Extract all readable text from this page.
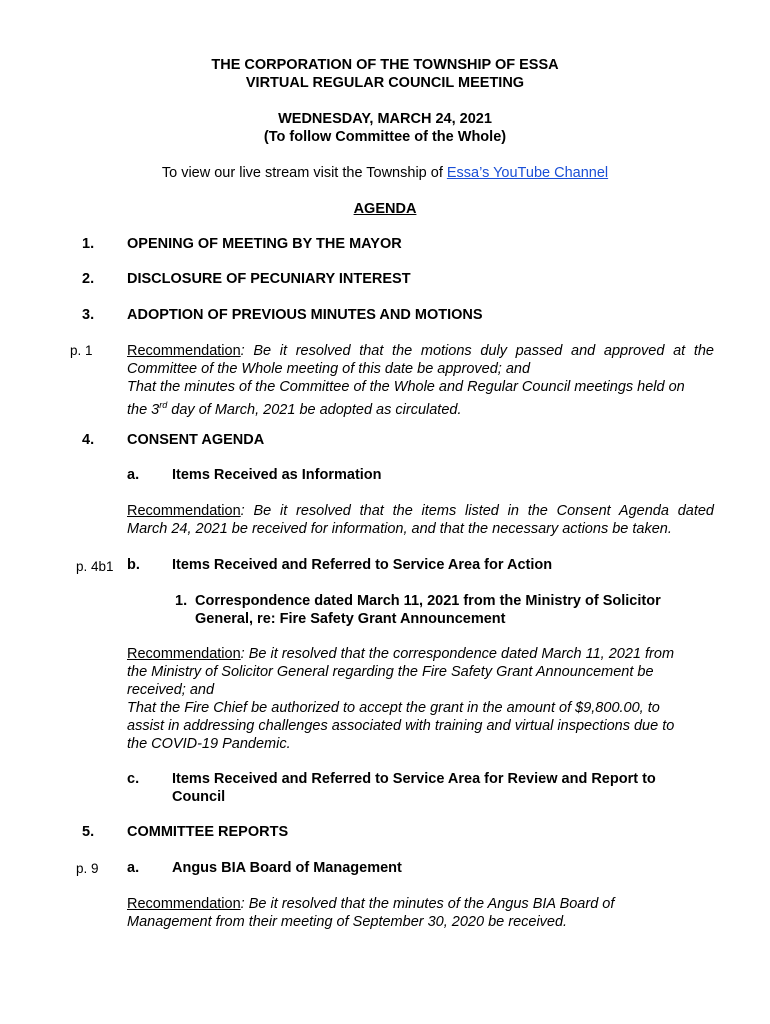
THE CORPORATION OF THE TOWNSHIP OF ESSA
VIRTUAL REGULAR COUNCIL MEETING
WEDNESDAY, MARCH 24, 2021
(To follow Committee of the Whole)
To view our live stream visit the Township of Essa’s YouTube Channel
AGENDA
1. OPENING OF MEETING BY THE MAYOR
2. DISCLOSURE OF PECUNIARY INTEREST
3. ADOPTION OF PREVIOUS MINUTES AND MOTIONS
p. 1 Recommendation: Be it resolved that the motions duly passed and approved at the
Committee of the Whole meeting of this date be approved; and
That the minutes of the Committee of the Whole and Regular Council meetings held on
the 3rd day of March, 2021 be adopted as circulated.
4. CONSENT AGENDA
a. Items Received as Information
Recommendation: Be it resolved that the items listed in the Consent Agenda dated
March 24, 2021 be received for information, and that the necessary actions be taken.
p. 4b1 b. Items Received and Referred to Service Area for Action
1. Correspondence dated March 11, 2021 from the Ministry of Solicitor
General, re: Fire Safety Grant Announcement
Recommendation: Be it resolved that the correspondence dated March 11, 2021 from
the Ministry of Solicitor General regarding the Fire Safety Grant Announcement be
received; and
That the Fire Chief be authorized to accept the grant in the amount of $9,800.00, to
assist in addressing challenges associated with training and virtual inspections due to
the COVID-19 Pandemic.
c. Items Received and Referred to Service Area for Review and Report to
Council
5. COMMITTEE REPORTS
p. 9 a. Angus BIA Board of Management
Recommendation: Be it resolved that the minutes of the Angus BIA Board of
Management from their meeting of September 30, 2020 be received.
